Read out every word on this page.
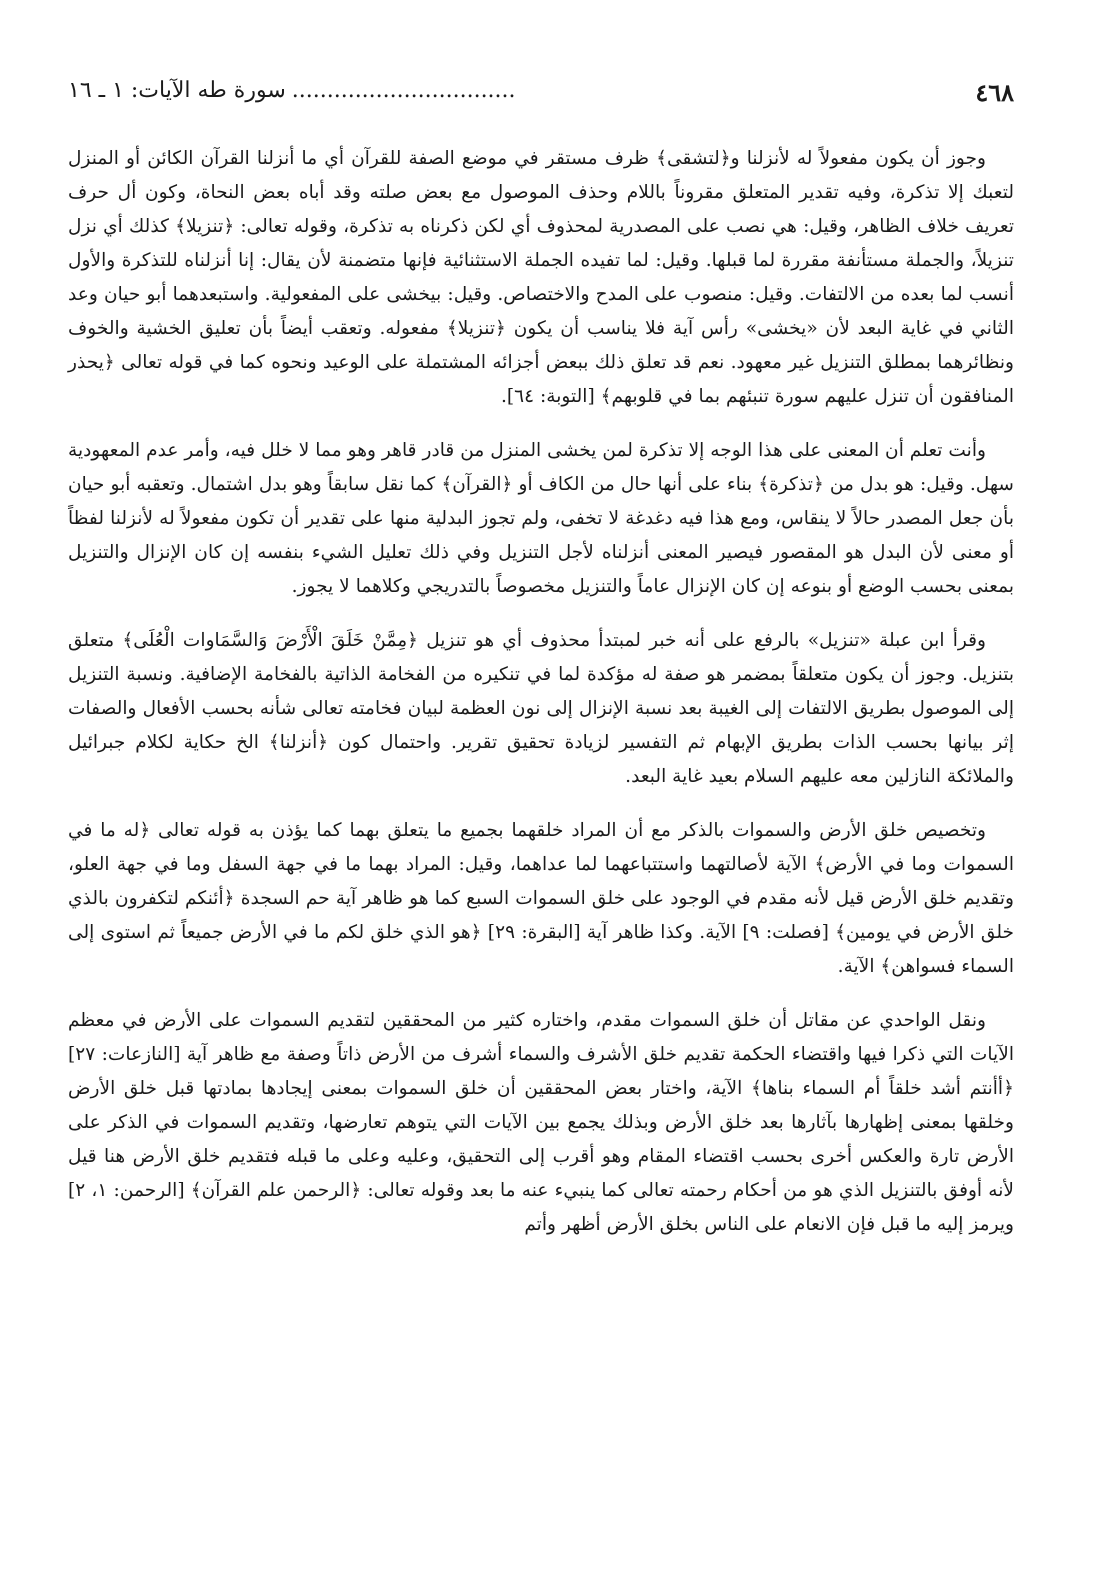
٤٦٨
................................سورة طه الآيات: ١ ـ ١٦

وجوز أن يكون مفعولاً له لأنزلنا و﴿لتشقى﴾ ظرف مستقر في موضع الصفة للقرآن أي ما أنزلنا القرآن الكائن أو المنزل لتعبك إلا تذكرة، وفيه تقدير المتعلق مقروناً باللام وحذف الموصول مع بعض صلته وقد أباه بعض النحاة، وكون أل حرف تعريف خلاف الظاهر، وقيل: هي نصب على المصدرية لمحذوف أي لكن ذكرناه به تذكرة، وقوله تعالى: ﴿تنزيلا﴾ كذلك أي نزل تنزيلاً، والجملة مستأنفة مقررة لما قبلها. وقيل: لما تفيده الجملة الاستثنائية فإنها متضمنة لأن يقال: إنا أنزلناه للتذكرة والأول أنسب لما بعده من الالتفات. وقيل: منصوب على المدح والاختصاص. وقيل: بيخشى على المفعولية. واستبعدهما أبو حيان وعد الثاني في غاية البعد لأن «يخشى» رأس آية فلا يناسب أن يكون ﴿تنزيلا﴾ مفعوله. وتعقب أيضاً بأن تعليق الخشية والخوف ونظائرهما بمطلق التنزيل غير معهود. نعم قد تعلق ذلك ببعض أجزائه المشتملة على الوعيد ونحوه كما في قوله تعالى ﴿يحذر المنافقون أن تنزل عليهم سورة تنبئهم بما في قلوبهم﴾ [التوبة: ٦٤].

وأنت تعلم أن المعنى على هذا الوجه إلا تذكرة لمن يخشى المنزل من قادر قاهر وهو مما لا خلل فيه، وأمر عدم المعهودية سهل. وقيل: هو بدل من ﴿تذكرة﴾ بناء على أنها حال من الكاف أو ﴿القرآن﴾ كما نقل سابقاً وهو بدل اشتمال. وتعقبه أبو حيان بأن جعل المصدر حالاً لا ينقاس، ومع هذا فيه دغدغة لا تخفى، ولم تجوز البدلية منها على تقدير أن تكون مفعولاً له لأنزلنا لفظاً أو معنى لأن البدل هو المقصور فيصير المعنى أنزلناه لأجل التنزيل وفي ذلك تعليل الشيء بنفسه إن كان الإنزال والتنزيل بمعنى بحسب الوضع أو بنوعه إن كان الإنزال عاماً والتنزيل مخصوصاً بالتدريجي وكلاهما لا يجوز.

وقرأ ابن عبلة «تنزيل» بالرفع على أنه خبر لمبتدأ محذوف أي هو تنزيل ﴿مِمَّنْ خَلَقَ الْأَرْضَ وَالسَّمَاوات الْعُلَى﴾ متعلق بتنزيل. وجوز أن يكون متعلقاً بمضمر هو صفة له مؤكدة لما في تنكيره من الفخامة الذاتية بالفخامة الإضافية. ونسبة التنزيل إلى الموصول بطريق الالتفات إلى الغيبة بعد نسبة الإنزال إلى نون العظمة لبيان فخامته تعالى شأنه بحسب الأفعال والصفات إثر بيانها بحسب الذات بطريق الإبهام ثم التفسير لزيادة تحقيق تقرير. واحتمال كون ﴿أنزلنا﴾ الخ حكاية لكلام جبرائيل والملائكة النازلين معه عليهم السلام بعيد غاية البعد.

وتخصيص خلق الأرض والسموات بالذكر مع أن المراد خلقهما بجميع ما يتعلق بهما كما يؤذن به قوله تعالى ﴿له ما في السموات وما في الأرض﴾ الآية لأصالتهما واستتباعهما لما عداهما، وقيل: المراد بهما ما في جهة السفل وما في جهة العلو، وتقديم خلق الأرض قيل لأنه مقدم في الوجود على خلق السموات السبع كما هو ظاهر آية حم السجدة ﴿أئنكم لتكفرون بالذي خلق الأرض في يومين﴾ [فصلت: ٩] الآية. وكذا ظاهر آية [البقرة: ٢٩] ﴿هو الذي خلق لكم ما في الأرض جميعاً ثم استوى إلى السماء فسواهن﴾ الآية.

ونقل الواحدي عن مقاتل أن خلق السموات مقدم، واختاره كثير من المحققين لتقديم السموات على الأرض في معظم الآيات التي ذكرا فيها واقتضاء الحكمة تقديم خلق الأشرف والسماء أشرف من الأرض ذاتاً وصفة مع ظاهر آية [النازعات: ٢٧] ﴿أأنتم أشد خلقاً أم السماء بناها﴾ الآية، واختار بعض المحققين أن خلق السموات بمعنى إيجادها بمادتها قبل خلق الأرض وخلقها بمعنى إظهارها بآثارها بعد خلق الأرض وبذلك يجمع بين الآيات التي يتوهم تعارضها، وتقديم السموات في الذكر على الأرض تارة والعكس أخرى بحسب اقتضاء المقام وهو أقرب إلى التحقيق، وعليه وعلى ما قبله فتقديم خلق الأرض هنا قيل لأنه أوفق بالتنزيل الذي هو من أحكام رحمته تعالى كما ينبيء عنه ما بعد وقوله تعالى: ﴿الرحمن علم القرآن﴾ [الرحمن: ١، ٢] ويرمز إليه ما قبل فإن الانعام على الناس بخلق الأرض أظهر وأتم
